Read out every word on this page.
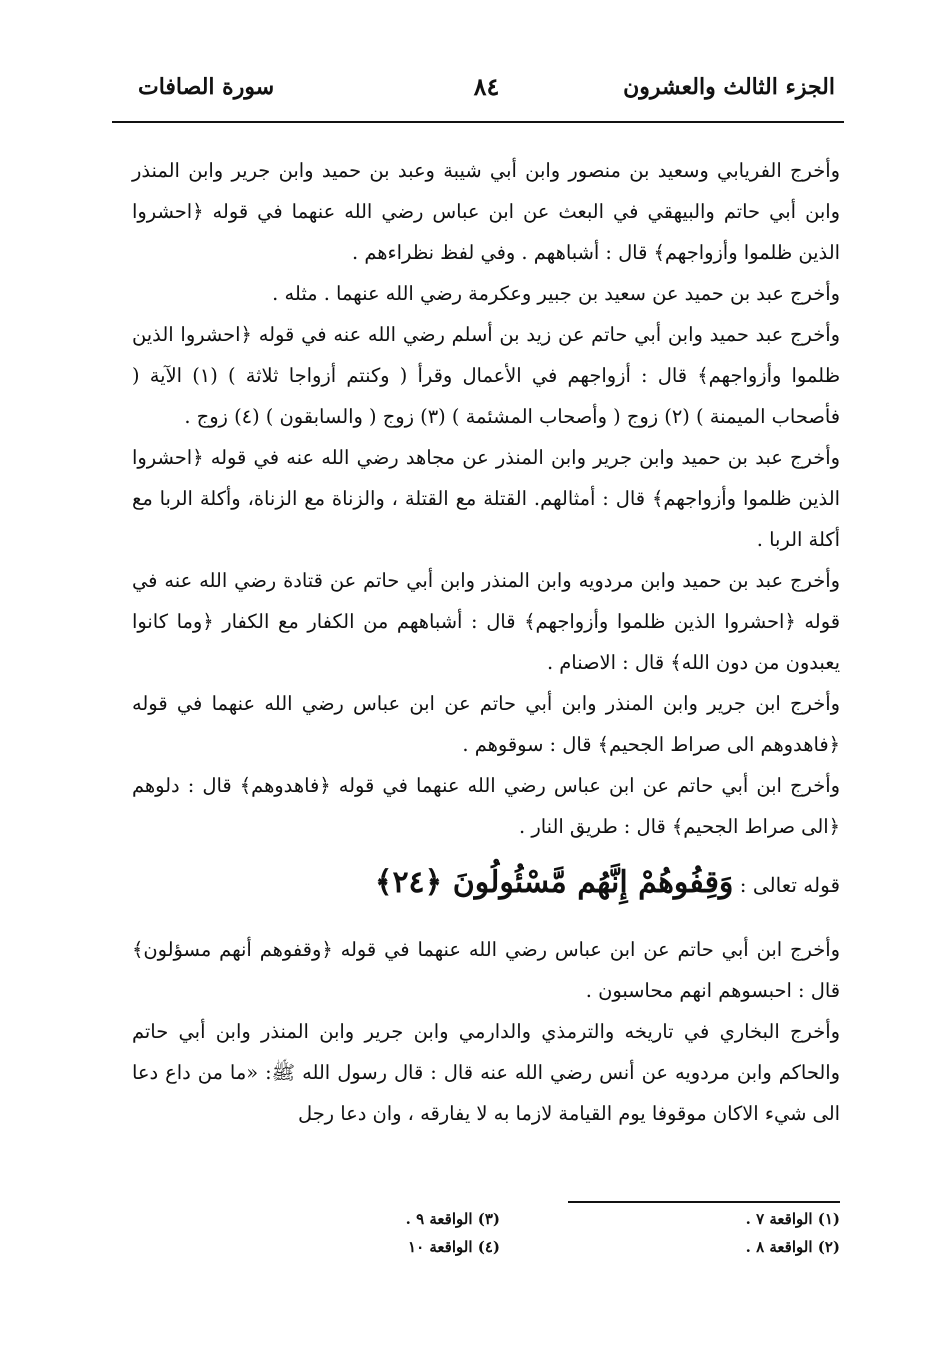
الجزء الثالث والعشرون
٨٤
سورة الصافات

وأخرج الفريابي وسعيد بن منصور وابن أبي شيبة وعبد بن حميد وابن جرير وابن المنذر وابن أبي حاتم والبيهقي في البعث عن ابن عباس رضي الله عنهما في قوله ﴿احشروا الذين ظلموا وأزواجهم﴾ قال : أشباههم . وفي لفظ نظراءهم .

وأخرج عبد بن حميد عن سعيد بن جبير وعكرمة رضي الله عنهما . مثله .

وأخرج عبد حميد وابن أبي حاتم عن زيد بن أسلم رضي الله عنه في قوله ﴿احشروا الذين ظلموا وأزواجهم﴾ قال : أزواجهم في الأعمال وقرأ ( وكنتم أزواجا ثلاثة ) (١) الآية ( فأصحاب الميمنة ) (٢) زوج ( وأصحاب المشئمة ) (٣) زوج ( والسابقون ) (٤) زوج .

وأخرج عبد بن حميد وابن جرير وابن المنذر عن مجاهد رضي الله عنه في قوله ﴿احشروا الذين ظلموا وأزواجهم﴾ قال : أمثالهم. القتلة مع القتلة ، والزناة مع الزناة، وأكلة الربا مع أكلة الربا .

وأخرج عبد بن حميد وابن مردويه وابن المنذر وابن أبي حاتم عن قتادة رضي الله عنه في قوله ﴿احشروا الذين ظلموا وأزواجهم﴾ قال : أشباههم من الكفار مع الكفار ﴿وما كانوا يعبدون من دون الله﴾ قال : الاصنام .

وأخرج ابن جرير وابن المنذر وابن أبي حاتم عن ابن عباس رضي الله عنهما في قوله ﴿فاهدوهم الى صراط الجحيم﴾ قال : سوقوهم .

وأخرج ابن أبي حاتم عن ابن عباس رضي الله عنهما في قوله ﴿فاهدوهم﴾ قال : دلوهم ﴿الى صراط الجحيم﴾ قال : طريق النار .

قوله تعالى : وَقِفُوهُمْ إِنَّهُم مَّسْئُولُونَ ﴿٢٤﴾

وأخرج ابن أبي حاتم عن ابن عباس رضي الله عنهما في قوله ﴿وقفوهم أنهم مسؤلون﴾ قال : احبسوهم انهم محاسبون .

وأخرج البخاري في تاريخه والترمذي والدارمي وابن جرير وابن المنذر وابن أبي حاتم والحاكم وابن مردويه عن أنس رضي الله عنه قال : قال رسول الله ﷺ: «ما من داع دعا الى شيء الاكان موقوفا يوم القيامة لازما به لا يفارقه ، وان دعا رجل

(١) الواقعة ٧ .
(٢) الواقعة ٨ .
(٣) الواقعة ٩ .
(٤) الواقعة ١٠
